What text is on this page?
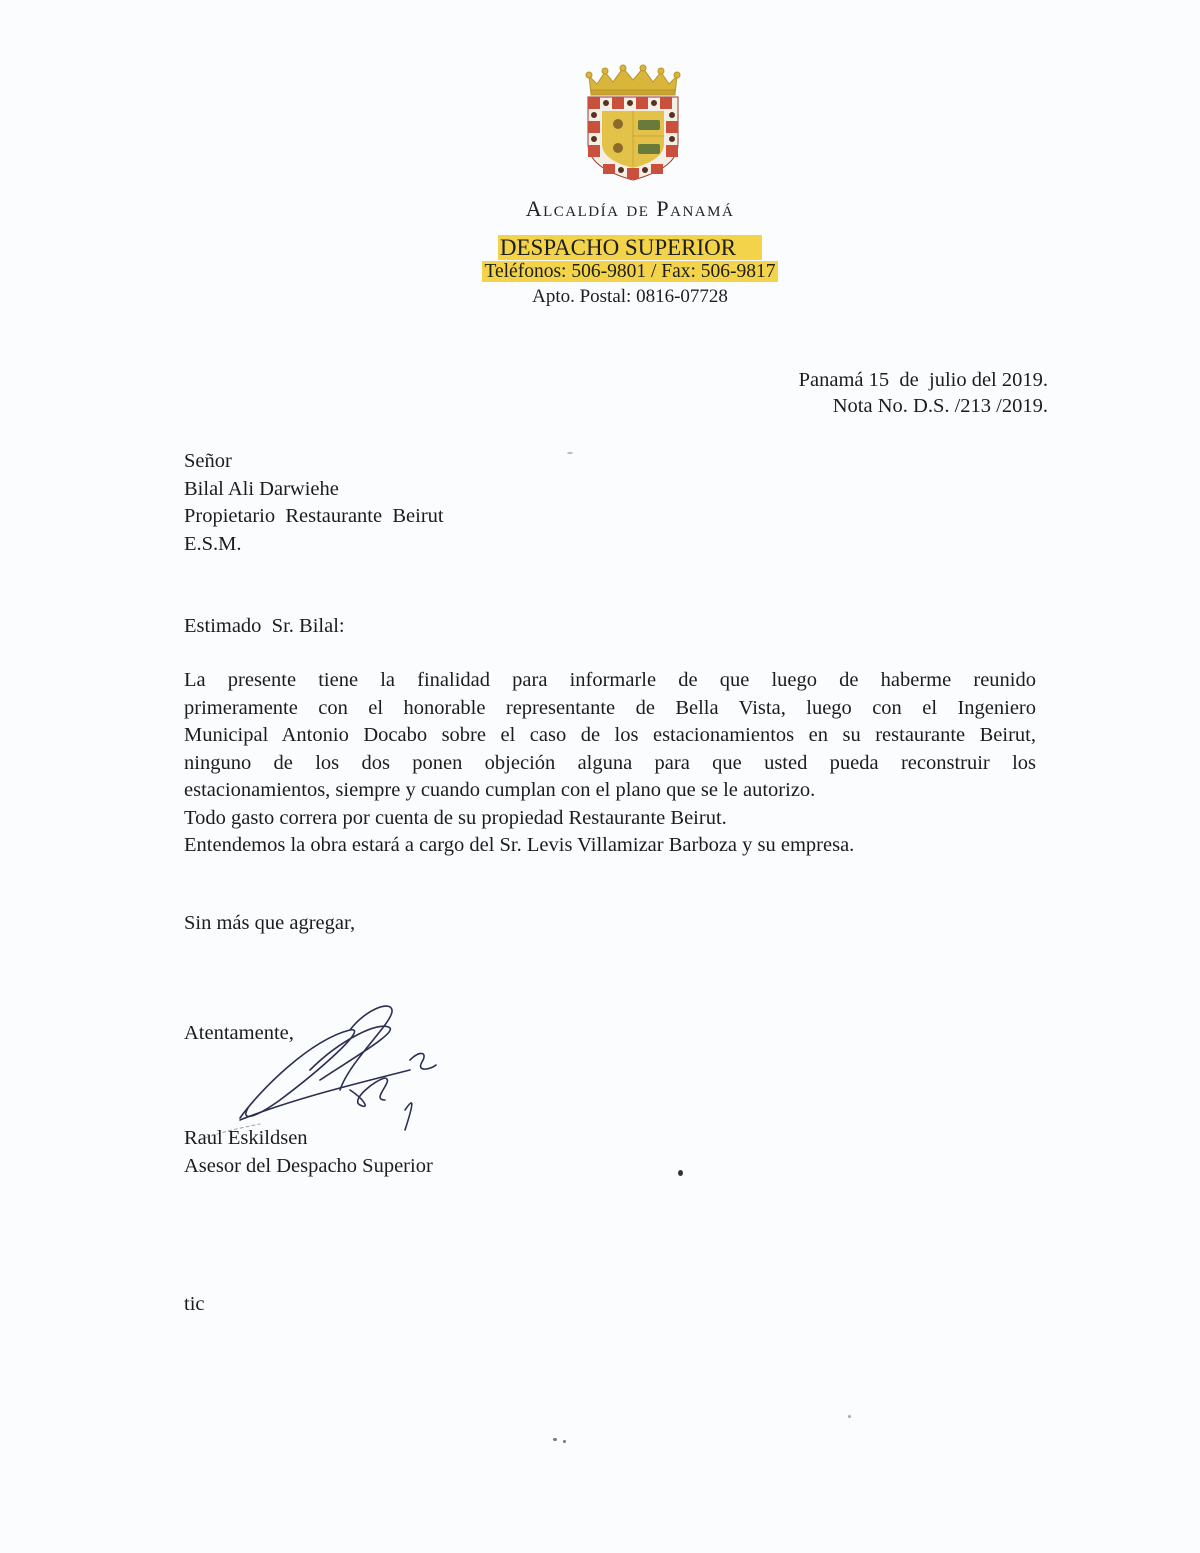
Alcaldía de Panamá
DESPACHO SUPERIOR
Teléfonos: 506-9801 / Fax: 506-9817
Apto. Postal: 0816-07728
Panamá 15  de  julio del 2019.
Nota No. D.S. /213 /2019.
Señor
Bilal Ali Darwiehe
Propietario  Restaurante  Beirut
E.S.M.
Estimado  Sr. Bilal:
La presente tiene la finalidad para informarle de que luego de haberme reunido
primeramente con el honorable representante de Bella Vista, luego con el Ingeniero
Municipal Antonio Docabo sobre el caso de los estacionamientos en su restaurante Beirut,
ninguno de los dos ponen objeción alguna para que usted pueda reconstruir los
estacionamientos, siempre y cuando cumplan con el plano que se le autorizo.
Todo gasto correra por cuenta de su propiedad Restaurante Beirut.
Entendemos la obra estará a cargo del Sr. Levis Villamizar Barboza y su empresa.
Sin más que agregar,
Atentamente,
Raul Eskildsen
Asesor del Despacho Superior
tic
